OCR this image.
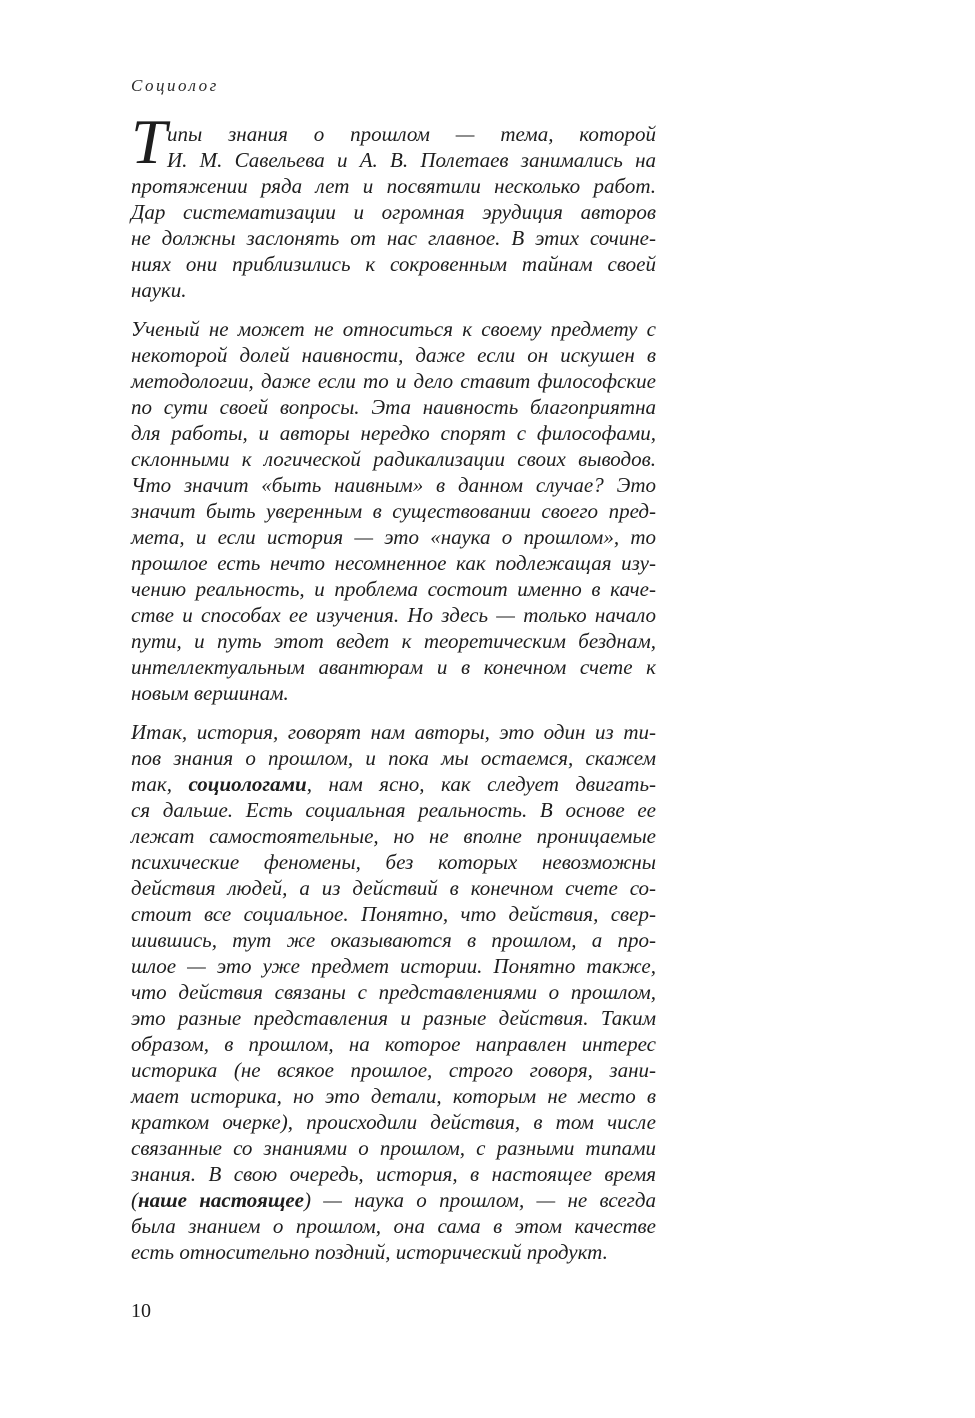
Социолог
Т ипы знания о прошлом — тема, которой
И. М. Савельева и А. В. Полетаев занимались на
протяжении ряда лет и посвятили несколько работ.
Дар систематизации и огромная эрудиция авторов
не должны заслонять от нас главное. В этих сочине-
ниях они приблизились к сокровенным тайнам своей
науки.
Ученый не может не относиться к своему предмету с
некоторой долей наивности, даже если он искушен в
методологии, даже если то и дело ставит философские
по сути своей вопросы. Эта наивность благоприятна
для работы, и авторы нередко спорят с философами,
склонными к логической радикализации своих выводов.
Что значит «быть наивным» в данном случае? Это
значит быть уверенным в существовании своего пред-
мета, и если история — это «наука о прошлом», то
прошлое есть нечто несомненное как подлежащая изу-
чению реальность, и проблема состоит именно в каче-
стве и способах ее изучения. Но здесь — только начало
пути, и путь этот ведет к теоретическим безднам,
интеллектуальным авантюрам и в конечном счете к
новым вершинам.
Итак, история, говорят нам авторы, это один из ти-
пов знания о прошлом, и пока мы остаемся, скажем
так, социологами, нам ясно, как следует двигать-
ся дальше. Есть социальная реальность. В основе ее
лежат самостоятельные, но не вполне проницаемые
психические феномены, без которых невозможны
действия людей, а из действий в конечном счете со-
стоит все социальное. Понятно, что действия, свер-
шившись, тут же оказываются в прошлом, а про-
шлое — это уже предмет истории. Понятно также,
что действия связаны с представлениями о прошлом,
это разные представления и разные действия. Таким
образом, в прошлом, на которое направлен интерес
историка (не всякое прошлое, строго говоря, зани-
мает историка, но это детали, которым не место в
кратком очерке), происходили действия, в том числе
связанные со знаниями о прошлом, с разными типами
знания. В свою очередь, история, в настоящее время
(наше настоящее) — наука о прошлом, — не всегда
была знанием о прошлом, она сама в этом качестве
есть относительно поздний, исторический продукт.
10
